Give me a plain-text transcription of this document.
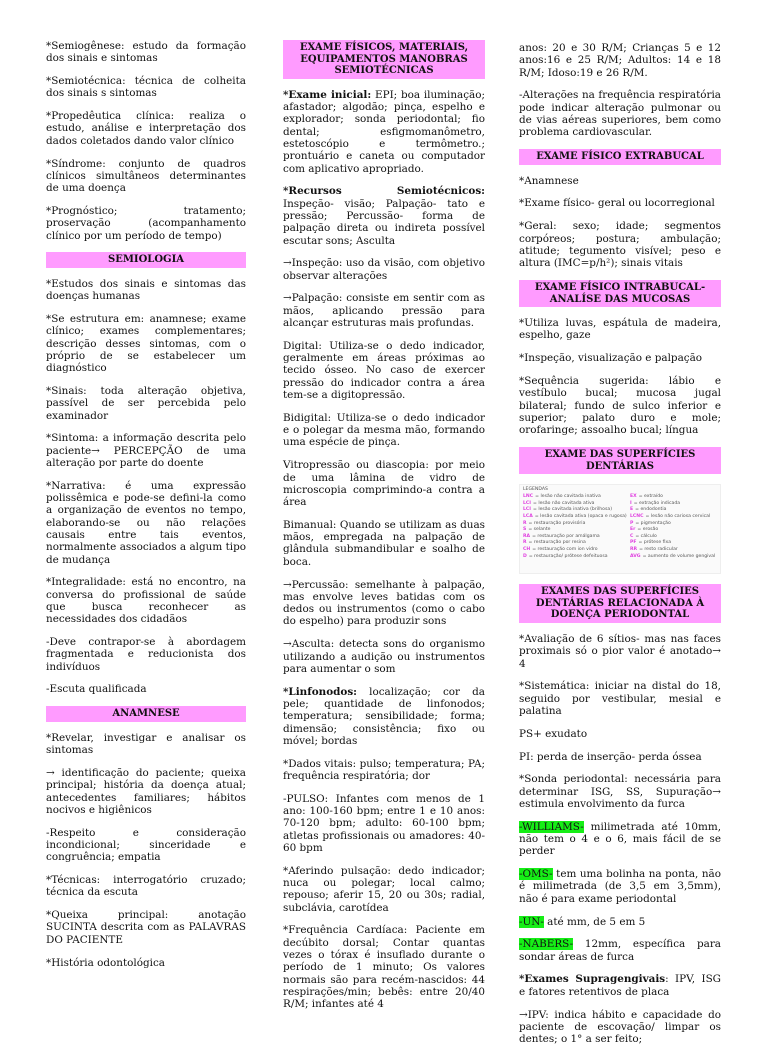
*Semiogênese: estudo da formação dos sinais e sintomas

*Semiotécnica: técnica de colheita dos sinais s sintomas

*Propedêutica clínica: realiza o estudo, análise e interpretação dos dados coletados dando valor clínico

*Síndrome: conjunto de quadros clínicos simultâneos determinantes de uma doença

*Prognóstico; tratamento; proservação (acompanhamento clínico por um período de tempo)

SEMIOLOGIA

*Estudos dos sinais e sintomas das doenças humanas

*Se estrutura em: anamnese; exame clínico; exames complementares; descrição desses sintomas, com o próprio de se estabelecer um diagnóstico

*Sinais: toda alteração objetiva, passível de ser percebida pelo examinador

*Sintoma: a informação descrita pelo paciente→ PERCEPÇÃO de uma alteração por parte do doente

*Narrativa: é uma expressão polissêmica e pode-se defini-la como a organização de eventos no tempo, elaborando-se ou não relações causais entre tais eventos, normalmente associados a algum tipo de mudança

*Integralidade: está no encontro, na conversa do profissional de saúde que busca reconhecer as necessidades dos cidadãos

-Deve contrapor-se à abordagem fragmentada e reducionista dos indivíduos

-Escuta qualificada

ANAMNESE

*Revelar, investigar e analisar os sintomas

→ identificação do paciente; queixa principal; história da doença atual; antecedentes familiares; hábitos nocivos e higiênicos

-Respeito e consideração incondicional; sinceridade e congruência; empatia

*Técnicas: interrogatório cruzado; técnica da escuta

*Queixa principal: anotação SUCINTA descrita com as PALAVRAS DO PACIENTE

*História odontológica

EXAME FÍSICOS, MATERIAIS, EQUIPAMENTOS MANOBRAS SEMIOTÉCNICAS

*Exame inicial: EPI; boa iluminação; afastador; algodão; pinça, espelho e explorador; sonda periodontal; fio dental; esfigmomanômetro, estetoscópio e termômetro.; prontuário e caneta ou computador com aplicativo apropriado.

*Recursos Semiotécnicos: Inspeção- visão; Palpação- tato e pressão; Percussão- forma de palpação direta ou indireta possível escutar sons; Asculta

→Inspeção: uso da visão, com objetivo observar alterações

→Palpação: consiste em sentir com as mãos, aplicando pressão para alcançar estruturas mais profundas.

Digital: Utiliza-se o dedo indicador, geralmente em áreas próximas ao tecido ósseo. No caso de exercer pressão do indicador contra a área tem-se a digitopressão.

Bidigital: Utiliza-se o dedo indicador e o polegar da mesma mão, formando uma espécie de pinça.

Vitropressão ou diascopia: por meio de uma lâmina de vidro de microscopia comprimindo-a contra a área

Bimanual: Quando se utilizam as duas mãos, empregada na palpação de glândula submandibular e soalho de boca.

→Percussão: semelhante à palpação, mas envolve leves batidas com os dedos ou instrumentos (como o cabo do espelho) para produzir sons

→Asculta: detecta sons do organismo utilizando a audição ou instrumentos para aumentar o som

*Linfonodos: localização; cor da pele; quantidade de linfonodos; temperatura; sensibilidade; forma; dimensão; consistência; fixo ou móvel; bordas

*Dados vitais: pulso; temperatura; PA; frequência respiratória; dor

-PULSO: Infantes com menos de 1 ano: 100-160 bpm; entre 1 e 10 anos: 70-120 bpm; adulto: 60-100 bpm; atletas profissionais ou amadores: 40-60 bpm

*Aferindo pulsação: dedo indicador; nuca ou polegar; local calmo; repouso; aferir 15, 20 ou 30s; radial, subclávia, carotídea

*Frequência Cardíaca: Paciente em decúbito dorsal; Contar quantas vezes o tórax é insuflado durante o período de 1 minuto; Os valores normais são para recém-nascidos: 44 respirações/min; bebês: entre 20/40 R/M; infantes até 4

anos: 20 e 30 R/M; Crianças 5 e 12 anos:16 e 25 R/M; Adultos: 14 e 18 R/M; Idoso:19 e 26 R/M.

-Alterações na frequência respiratória pode indicar alteração pulmonar ou de vias aéreas superiores, bem como problema cardiovascular.

EXAME FÍSICO EXTRABUCAL

*Anamnese

*Exame físico- geral ou locorregional

*Geral: sexo; idade; segmentos corpóreos; postura; ambulação; atitude; tegumento visível; peso e altura (IMC=p/h²); sinais vitais

EXAME FÍSICO INTRABUCAL- ANALÍSE DAS MUCOSAS

*Utiliza luvas, espátula de madeira, espelho, gaze

*Inspeção, visualização e palpação

*Sequência sugerida: lábio e vestíbulo bucal; mucosa jugal bilateral; fundo de sulco inferior e superior; palato duro e mole; orofaringe; assoalho bucal; língua

EXAME DAS SUPERFÍCIES DENTÁRIAS
LEGENDAS
LNC = lesão não cavitada inativa
LCI = lesão não cavitada ativa
LCI = lesão cavitada inativa (brilhosa)
LCA = lesão cavitada ativa (opaca e rugosa)
R = restauração provisória
S = selante
RA = restauração por amálgama
R = restauração por resina
CH = restauração com ion vidro
D = restauração/ prótese defeituosa
EX = extraído
I = extração indicada
E = endodontia
LCNC = lesão não cariosa cervical
P = pigmentação
Er = erosão
C = cálculo
PF = prótese fixa
RR = resto radicular
AVG = aumento de volume gengival
EXAMES DAS SUPERFÍCIES DENTÁRIAS RELACIONADA À DOENÇA PERIODONTAL

*Avaliação de 6 sítios- mas nas faces proximais só o pior valor é anotado→ 4

*Sistemática: iniciar na distal do 18, seguido por vestibular, mesial e palatina

PS+ exudato

PI: perda de inserção- perda óssea

*Sonda periodontal: necessária para determinar ISG, SS, Supuração→ estimula envolvimento da furca

-WILLIAMS- milimetrada até 10mm, não tem o 4 e o 6, mais fácil de se perder

-OMS- tem uma bolinha na ponta, não é milimetrada (de 3,5 em 3,5mm), não é para exame periodontal

-UN- até mm, de 5 em 5

-NABERS- 12mm, específica para sondar áreas de furca

*Exames Supragengivais: IPV, ISG e fatores retentivos de placa

→IPV: indica hábito e capacidade do paciente de escovação/ limpar os dentes; o 1° a ser feito;
